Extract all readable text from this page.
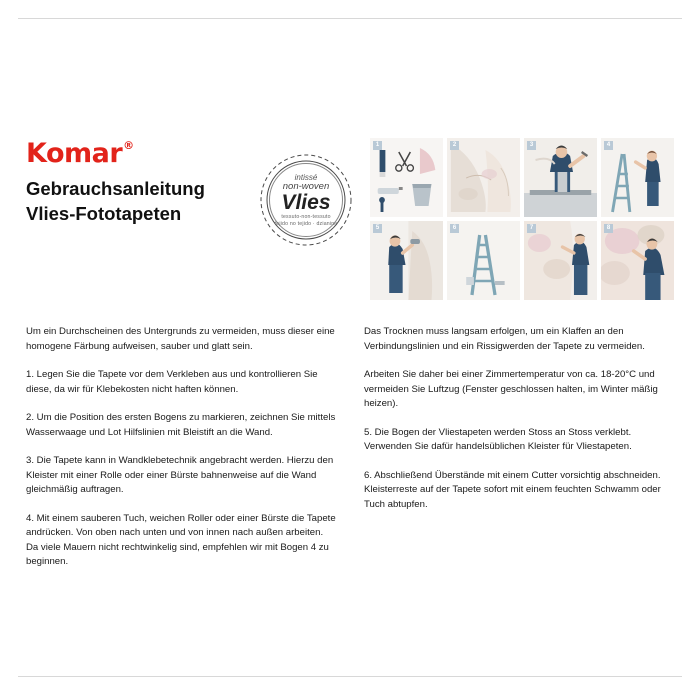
Komar®
Gebrauchsanleitung
Vlies-Fototapeten
intissé
non-woven
Vlies
tessuto-non-tessuto
tejido no tejido · dzianina
1	2	3	4
5	6	7	8

Um ein Durchscheinen des Untergrunds zu vermeiden, muss dieser eine homogene Färbung aufweisen, sauber und glatt sein.

1. Legen Sie die Tapete vor dem Verkleben aus und kontrollieren Sie diese, da wir für Klebekosten nicht haften können.

2. Um die Position des ersten Bogens zu markieren, zeichnen Sie mittels Wasserwaage und Lot Hilfslinien mit Bleistift an die Wand.

3. Die Tapete kann in Wandklebetechnik angebracht werden. Hierzu den Kleister mit einer Rolle oder einer Bürste bahnenweise auf die Wand gleichmäßig auftragen.

4. Mit einem sauberen Tuch, weichen Roller oder einer Bürste die Tapete andrücken. Von oben nach unten und von innen nach außen arbeiten. Da viele Mauern nicht rechtwinkelig sind, empfehlen wir mit Bogen 4 zu beginnen.

Das Trocknen muss langsam erfolgen, um ein Klaffen an den Verbindungslinien und ein Rissigwerden der Tapete zu vermeiden.

Arbeiten Sie daher bei einer Zimmertemperatur von ca. 18-20°C und vermeiden Sie Luftzug (Fenster geschlossen halten, im Winter mäßig heizen).

5. Die Bogen der Vliestapeten werden Stoss an Stoss verklebt. Verwenden Sie dafür handelsüblichen Kleister für Vliestapeten.

6. Abschließend Überstände mit einem Cutter vorsichtig abschneiden. Kleisterreste auf der Tapete sofort mit einem feuchten Schwamm oder Tuch abtupfen.
